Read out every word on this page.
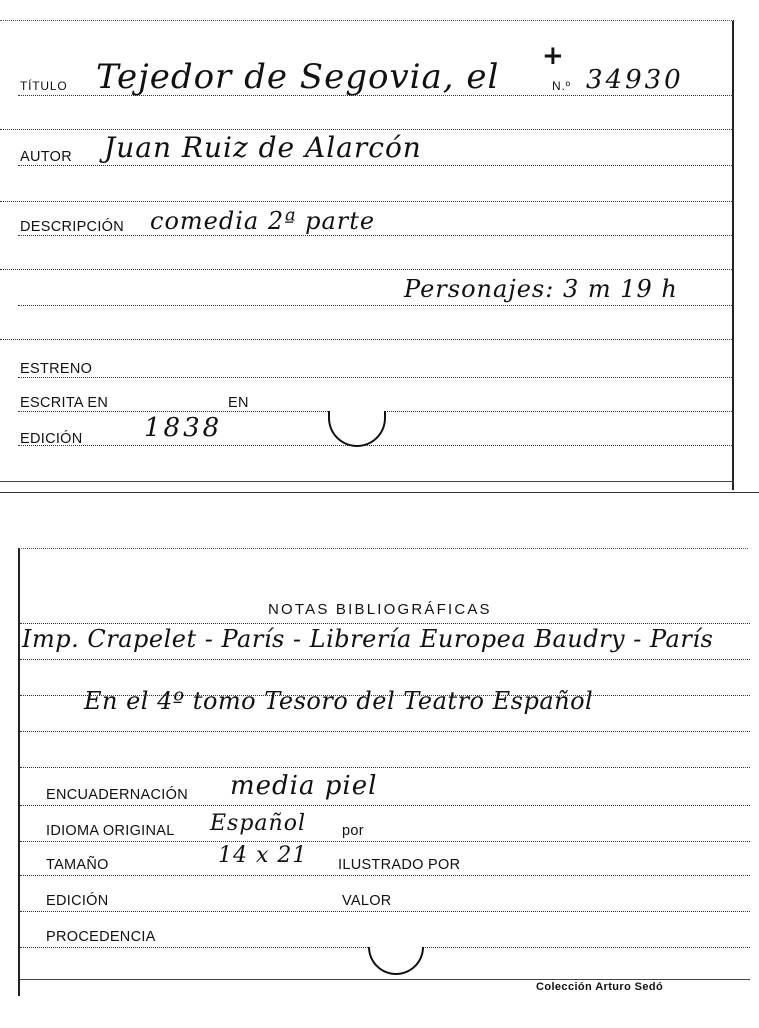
TÍTULO Tejedor de Segovia, el
+
N.º 34930
AUTOR Juan Ruiz de Alarcón
DESCRIPCIÓN comedia 2ª parte
Personajes: 3 m 19 h
ESTRENO
ESCRITA EN	EN
EDICIÓN 1838
NOTAS BIBLIOGRÁFICAS
Imp. Crapelet - París - Librería Europea Baudry - París
En el 4º tomo Tesoro del Teatro Español
ENCUADERNACIÓN media piel
IDIOMA ORIGINAL Español por
TAMAÑO	14 x 21 ILUSTRADO POR
EDICIÓN	VALOR
PROCEDENCIA
Colección Arturo Sedó
